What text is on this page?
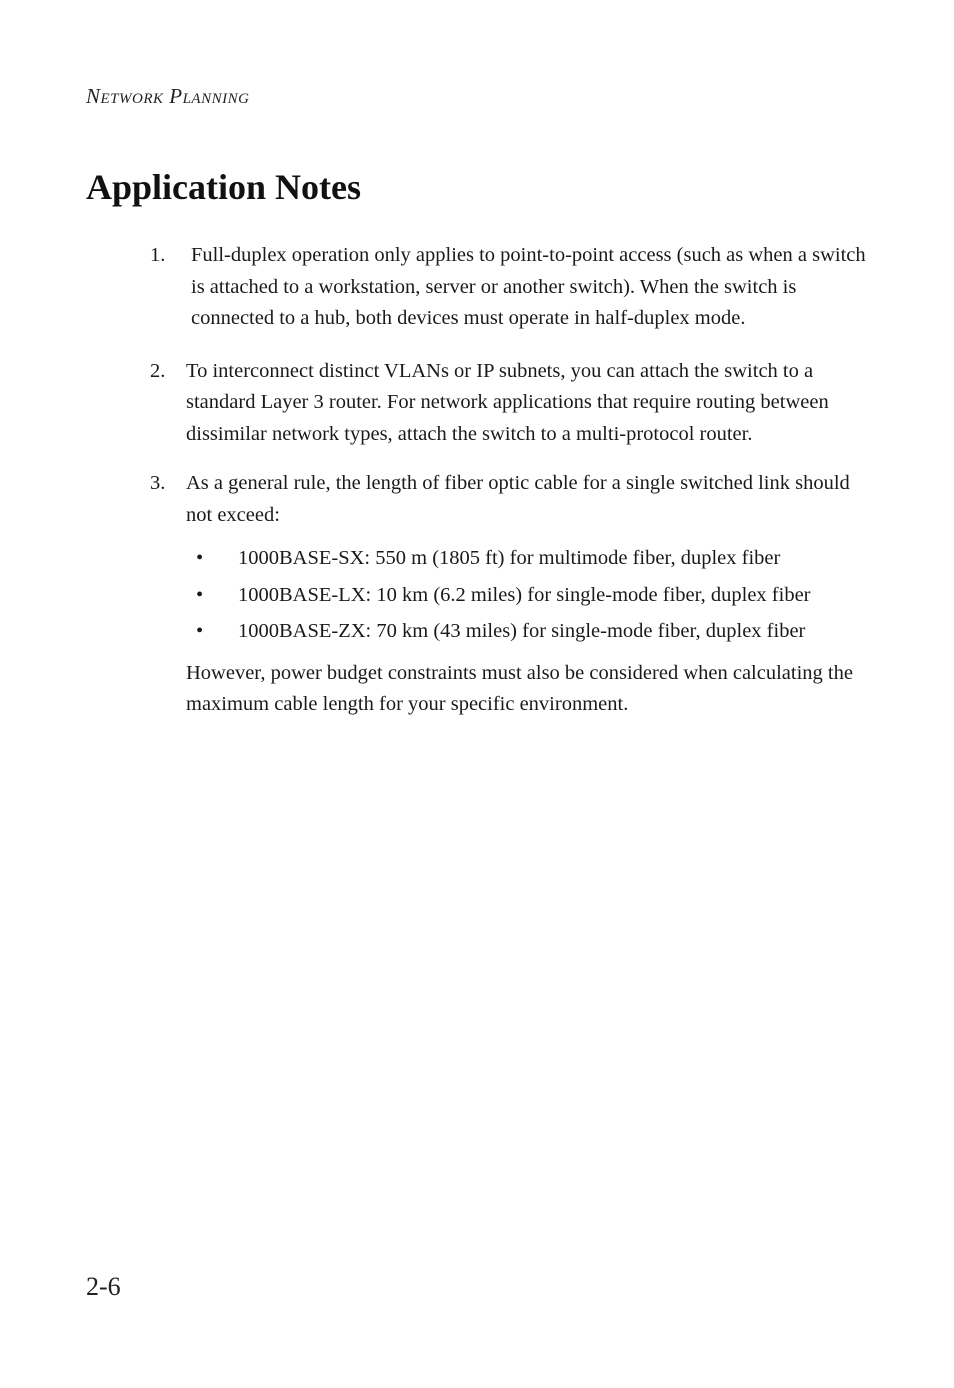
Network Planning
Application Notes
1. Full-duplex operation only applies to point-to-point access (such as when a switch is attached to a workstation, server or another switch). When the switch is connected to a hub, both devices must operate in half-duplex mode.
2. To interconnect distinct VLANs or IP subnets, you can attach the switch to a standard Layer 3 router. For network applications that require routing between dissimilar network types, attach the switch to a multi-protocol router.
3. As a general rule, the length of fiber optic cable for a single switched link should not exceed:
• 1000BASE-SX: 550 m (1805 ft) for multimode fiber, duplex fiber
• 1000BASE-LX: 10 km (6.2 miles) for single-mode fiber, duplex fiber
• 1000BASE-ZX: 70 km (43 miles) for single-mode fiber, duplex fiber
However, power budget constraints must also be considered when calculating the maximum cable length for your specific environment.
2-6
